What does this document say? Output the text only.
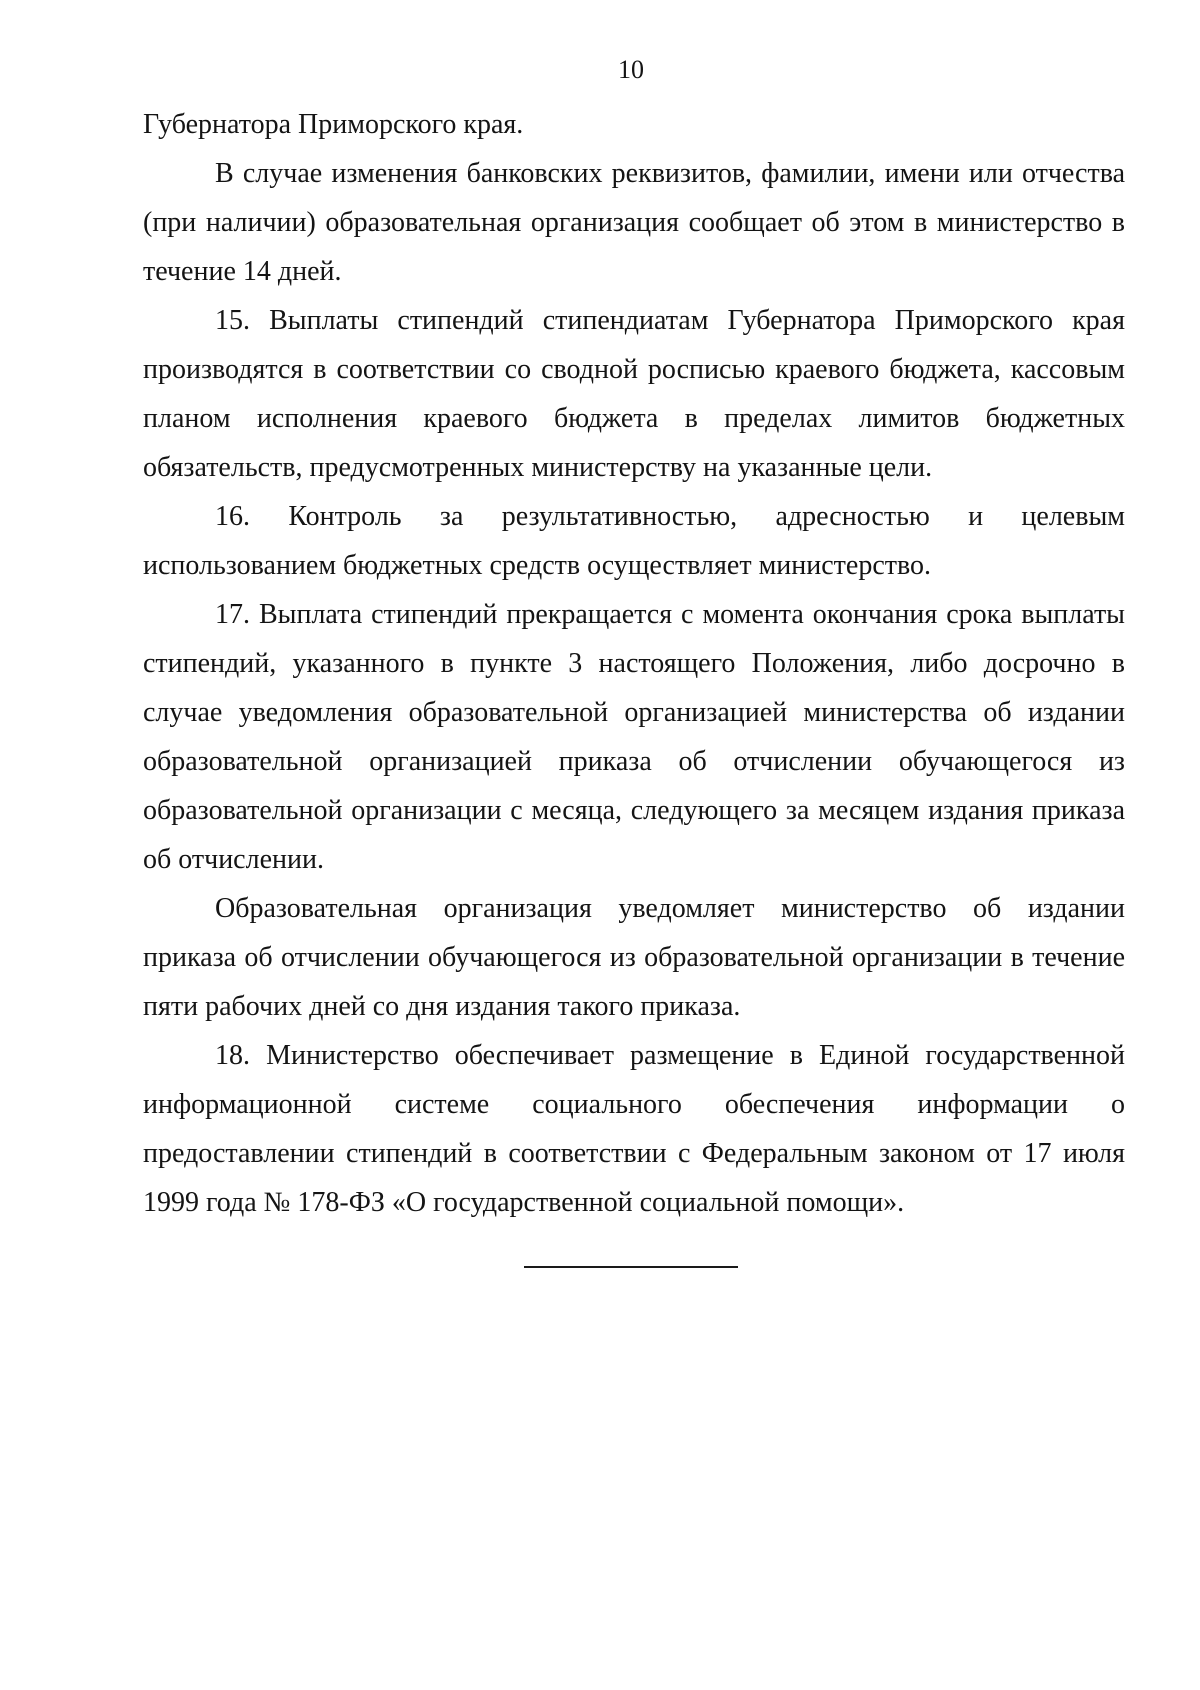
10

Губернатора Приморского края.

В случае изменения банковских реквизитов, фамилии, имени или отчества (при наличии) образовательная организация сообщает об этом в министерство в течение 14 дней.

15. Выплаты стипендий стипендиатам Губернатора Приморского края производятся в соответствии со сводной росписью краевого бюджета, кассовым планом исполнения краевого бюджета в пределах лимитов бюджетных обязательств, предусмотренных министерству на указанные цели.

16. Контроль за результативностью, адресностью и целевым использованием бюджетных средств осуществляет министерство.

17. Выплата стипендий прекращается с момента окончания срока выплаты стипендий, указанного в пункте 3 настоящего Положения, либо досрочно в случае уведомления образовательной организацией министерства об издании образовательной организацией приказа об отчислении обучающегося из образовательной организации с месяца, следующего за месяцем издания приказа об отчислении.

Образовательная организация уведомляет министерство об издании приказа об отчислении обучающегося из образовательной организации в течение пяти рабочих дней со дня издания такого приказа.

18. Министерство обеспечивает размещение в Единой государственной информационной системе социального обеспечения информации о предоставлении стипендий в соответствии с Федеральным законом от 17 июля 1999 года № 178-ФЗ «О государственной социальной помощи».
